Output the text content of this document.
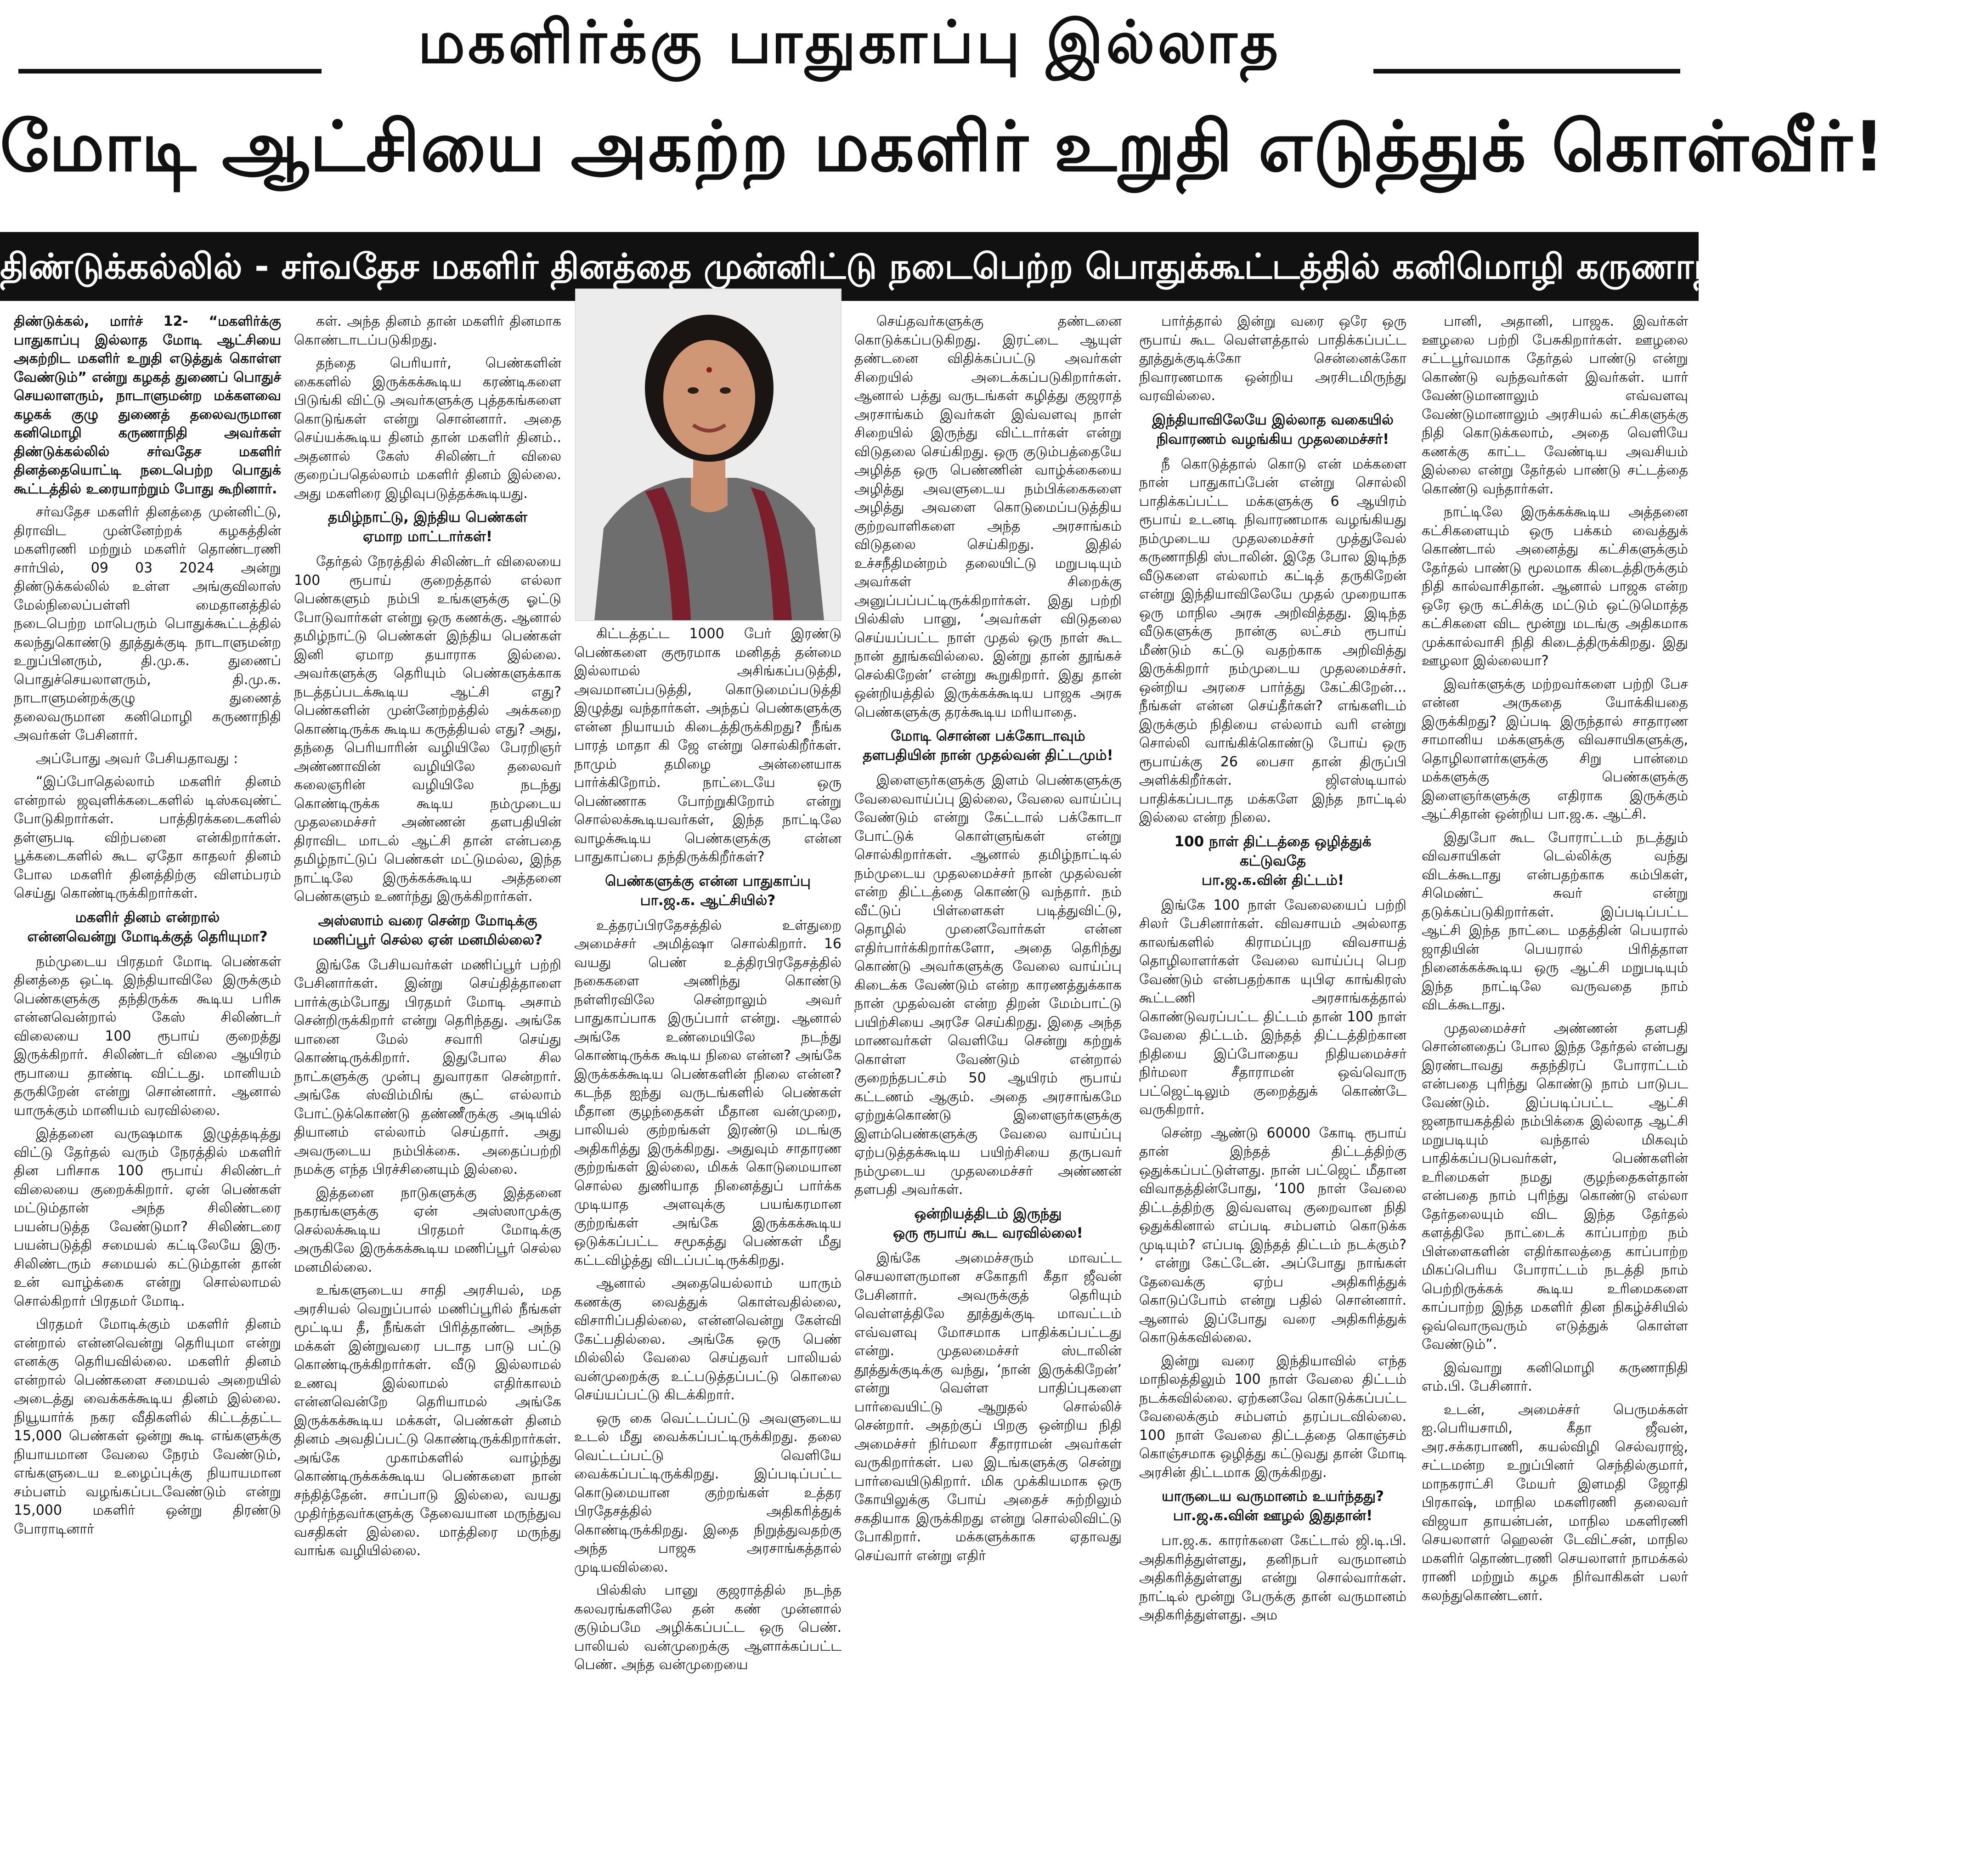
மகளிர்க்கு பாதுகாப்பு இல்லாத
மோடி ஆட்சியை அகற்ற மகளிர் உறுதி எடுத்துக் கொள்வீர்!
திண்டுக்கல்லில் - சர்வதேச மகளிர் தினத்தை முன்னிட்டு நடைபெற்ற பொதுக்கூட்டத்தில் கனிமொழி கருணாநிதி எம்.பி. உரை!

திண்டுக்கல், மார்ச் 12- “மகளிர்க்கு பாதுகாப்பு இல்லாத மோடி ஆட்சியை அகற்றிட மகளிர் உறுதி எடுத்துக் கொள்ள வேண்டும்” என்று கழகத் துணைப் பொதுச் செயலாளரும், நாடாளுமன்ற மக்களவை கழகக் குழு துணைத் தலைவருமான கனிமொழி கருணாநிதி அவர்கள் திண்டுக்கல்லில் சர்வதேச மகளிர் தினத்தையொட்டி நடைபெற்ற பொதுக் கூட்டத்தில் உரையாற்றும் போது கூறினார்.

சர்வதேச மகளிர் தினத்தை முன்னிட்டு, திராவிட முன்னேற்றக் கழகத்தின் மகளிரணி மற்றும் மகளிர் தொண்டரணி சார்பில், 09 03 2024 அன்று திண்டுக்கல்லில் உள்ள அங்குவிலாஸ் மேல்நிலைப்பள்ளி மைதானத்தில் நடைபெற்ற மாபெரும் பொதுக்கூட்டத்தில் கலந்துகொண்டு தூத்துக்குடி நாடாளுமன்ற உறுப்பினரும், தி.மு.க. துணைப் பொதுச்செயலாளரும், தி.மு.க. நாடாளுமன்றக்குழு துணைத் தலைவருமான கனிமொழி கருணாநிதி அவர்கள் பேசினார்.

அப்போது அவர் பேசியதாவது :

“இப்போதெல்லாம் மகளிர் தினம் என்றால் ஜவுளிக்கடைகளில் டிஸ்கவுண்ட் போடுகிறார்கள். பாத்திரக்கடைகளில் தள்ளுபடி விற்பனை என்கிறார்கள். பூக்கடைகளில் கூட ஏதோ காதலர் தினம் போல மகளிர் தினத்திற்கு விளம்பரம் செய்து கொண்டிருக்கிறார்கள்.

மகளிர் தினம் என்றால்
என்னவென்று மோடிக்குத் தெரியுமா?

நம்முடைய பிரதமர் மோடி பெண்கள் தினத்தை ஒட்டி இந்தியாவிலே இருக்கும் பெண்களுக்கு தந்திருக்க கூடிய பரிசு என்னவென்றால் கேஸ் சிலிண்டர் விலையை 100 ரூபாய் குறைத்து இருக்கிறார். சிலிண்டர் விலை ஆயிரம் ரூபாயை தாண்டி விட்டது. மானியம் தருகிறேன் என்று சொன்னார். ஆனால் யாருக்கும் மானியம் வரவில்லை.

இத்தனை வருஷமாக இழுத்தடித்து விட்டு தேர்தல் வரும் நேரத்தில் மகளிர் தின பரிசாக 100 ரூபாய் சிலிண்டர் விலையை குறைக்கிறார். ஏன் பெண்கள் மட்டும்தான் அந்த சிலிண்டரை பயன்படுத்த வேண்டுமா? சிலிண்டரை பயன்படுத்தி சமையல் கட்டிலேயே இரு. சிலிண்டரும் சமையல் கட்டும்தான் தான் உன் வாழ்க்கை என்று சொல்லாமல் சொல்கிறார் பிரதமர் மோடி.

பிரதமர் மோடிக்கும் மகளிர் தினம் என்றால் என்னவென்று தெரியுமா என்று எனக்கு தெரியவில்லை. மகளிர் தினம் என்றால் பெண்களை சமையல் அறையில் அடைத்து வைக்கக்கூடிய தினம் இல்லை. நியூயார்க் நகர வீதிகளில் கிட்டத்தட்ட 15,000 பெண்கள் ஒன்று கூடி எங்களுக்கு நியாயமான வேலை நேரம் வேண்டும், எங்களுடைய உழைப்புக்கு நியாயமான சம்பளம் வழங்கப்படவேண்டும் என்று 15,000 மகளிர் ஒன்று திரண்டு போராடினார்

கள். அந்த தினம் தான் மகளிர் தினமாக கொண்டாடப்படுகிறது.

தந்தை பெரியார், பெண்களின் கைகளில் இருக்கக்கூடிய கரண்டிகளை பிடுங்கி விட்டு அவர்களுக்கு புத்தகங்களை கொடுங்கள் என்று சொன்னார். அதை செய்யக்கூடிய தினம் தான் மகளிர் தினம்.. அதனால் கேஸ் சிலிண்டர் விலை குறைப்பதெல்லாம் மகளிர் தினம் இல்லை. அது மகளிரை இழிவுபடுத்தக்கூடியது.

தமிழ்நாட்டு, இந்திய பெண்கள்
ஏமாற மாட்டார்கள்!

தேர்தல் நேரத்தில் சிலிண்டர் விலையை 100 ரூபாய் குறைத்தால் எல்லா பெண்களும் நம்பி உங்களுக்கு ஓட்டு போடுவார்கள் என்று ஒரு கணக்கு. ஆனால் தமிழ்நாட்டு பெண்கள் இந்திய பெண்கள் இனி ஏமாற தயாராக இல்லை. அவர்களுக்கு தெரியும் பெண்களுக்காக நடத்தப்படக்கூடிய ஆட்சி எது? பெண்களின் முன்னேற்றத்தில் அக்கறை கொண்டிருக்க கூடிய கருத்தியல் எது? அது, தந்தை பெரியாரின் வழியிலே பேரறிஞர் அண்ணாவின் வழியிலே தலைவர் கலைஞரின் வழியிலே நடந்து கொண்டிருக்க கூடிய நம்முடைய முதலமைச்சர் அண்ணன் தளபதியின் திராவிட மாடல் ஆட்சி தான் என்பதை தமிழ்நாட்டுப் பெண்கள் மட்டுமல்ல, இந்த நாட்டிலே இருக்கக்கூடிய அத்தனை பெண்களும் உணர்ந்து இருக்கிறார்கள்.

அஸ்ஸாம் வரை சென்ற மோடிக்கு
மணிப்பூர் செல்ல ஏன் மனமில்லை?

இங்கே பேசியவர்கள் மணிப்பூர் பற்றி பேசினார்கள். இன்று செய்தித்தாளை பார்க்கும்போது பிரதமர் மோடி அசாம் சென்றிருக்கிறார் என்று தெரிந்தது. அங்கே யானை மேல் சவாரி செய்து கொண்டிருக்கிறார். இதுபோல சில நாட்களுக்கு முன்பு துவாரகா சென்றார். அங்கே ஸ்விம்மிங் சூட் எல்லாம் போட்டுக்கொண்டு தண்ணீருக்கு அடியில் தியானம் எல்லாம் செய்தார். அது அவருடைய நம்பிக்கை. அதைப்பற்றி நமக்கு எந்த பிரச்சினையும் இல்லை.

இத்தனை நாடுகளுக்கு இத்தனை நகரங்களுக்கு ஏன் அஸ்ஸாமுக்கு செல்லக்கூடிய பிரதமர் மோடிக்கு அருகிலே இருக்கக்கூடிய மணிப்பூர் செல்ல மனமில்லை.

உங்களுடைய சாதி அரசியல், மத அரசியல் வெறுப்பால் மணிப்பூரில் நீங்கள் மூட்டிய தீ, நீங்கள் பிரித்தாண்ட அந்த மக்கள் இன்றுவரை படாத பாடு பட்டு கொண்டிருக்கிறார்கள். வீடு இல்லாமல் உணவு இல்லாமல் எதிர்காலம் என்னவென்றே தெரியாமல் அங்கே இருக்கக்கூடிய மக்கள், பெண்கள் தினம் தினம் அவதிப்பட்டு கொண்டிருக்கிறார்கள். அங்கே முகாம்களில் வாழ்ந்து கொண்டிருக்கக்கூடிய பெண்களை நான் சந்தித்தேன். சாப்பாடு இல்லை, வயது முதிர்ந்தவர்களுக்கு தேவையான மருந்துவ வசதிகள் இல்லை. மாத்திரை மருந்து வாங்க வழியில்லை.

கிட்டத்தட்ட 1000 பேர் இரண்டு பெண்களை குரூரமாக மனிதத் தன்மை இல்லாமல் அசிங்கப்படுத்தி, அவமானப்படுத்தி, கொடுமைப்படுத்தி இழுத்து வந்தார்கள். அந்தப் பெண்களுக்கு என்ன நியாயம் கிடைத்திருக்கிறது? நீங்க பாரத் மாதா கி ஜே என்று சொல்கிறீர்கள். நாமும் தமிழை அன்னையாக பார்க்கிறோம். நாட்டையே ஒரு பெண்ணாக போற்றுகிறோம் என்று சொல்லக்கூடியவர்கள், இந்த நாட்டிலே வாழக்கூடிய பெண்களுக்கு என்ன பாதுகாப்பை தந்திருக்கிறீர்கள்?

பெண்களுக்கு என்ன பாதுகாப்பு
பா.ஜ.க. ஆட்சியில்?

உத்தரப்பிரதேசத்தில் உள்துறை அமைச்சர் அமித்ஷா சொல்கிறார். 16 வயது பெண் உத்திரபிரதேசத்தில் நகைகளை அணிந்து கொண்டு நள்ளிரவிலே சென்றாலும் அவர் பாதுகாப்பாக இருப்பார் என்று. ஆனால் அங்கே உண்மையிலே நடந்து கொண்டிருக்க கூடிய நிலை என்ன? அங்கே இருக்கக்கூடிய பெண்களின் நிலை என்ன? கடந்த ஐந்து வருடங்களில் பெண்கள் மீதான குழந்தைகள் மீதான வன்முறை, பாலியல் குற்றங்கள் இரண்டு மடங்கு அதிகரித்து இருக்கிறது. அதுவும் சாதாரண குற்றங்கள் இல்லை, மிகக் கொடுமையான சொல்ல துணியாத நினைத்துப் பார்க்க முடியாத அளவுக்கு பயங்கரமான குற்றங்கள் அங்கே இருக்கக்கூடிய ஒடுக்கப்பட்ட சமூகத்து பெண்கள் மீது கட்டவிழ்த்து விடப்பட்டிருக்கிறது.

ஆனால் அதையெல்லாம் யாரும் கணக்கு வைத்துக் கொள்வதில்லை, விசாரிப்பதில்லை, என்னவென்று கேள்வி கேட்பதில்லை. அங்கே ஒரு பெண் மில்லில் வேலை செய்தவர் பாலியல் வன்முறைக்கு உட்படுத்தப்பட்டு கொலை செய்யப்பட்டு கிடக்கிறார்.

ஒரு கை வெட்டப்பட்டு அவளுடைய உடல் மீது வைக்கப்பட்டிருக்கிறது. தலை வெட்டப்பட்டு வெளியே வைக்கப்பட்டிருக்கிறது. இப்படிப்பட்ட கொடுமையான குற்றங்கள் உத்தர பிரதேசத்தில் அதிகரித்துக் கொண்டிருக்கிறது. இதை நிறுத்துவதற்கு அந்த பாஜக அரசாங்கத்தால் முடியவில்லை.

பில்கிஸ் பானு குஜராத்தில் நடந்த கலவரங்களிலே தன் கண் முன்னால் குடும்பமே அழிக்கப்பட்ட ஒரு பெண். பாலியல் வன்முறைக்கு ஆளாக்கப்பட்ட பெண். அந்த வன்முறையை

செய்தவர்களுக்கு தண்டனை கொடுக்கப்படுகிறது. இரட்டை ஆயுள் தண்டனை விதிக்கப்பட்டு அவர்கள் சிறையில் அடைக்கப்படுகிறார்கள். ஆனால் பத்து வருடங்கள் கழித்து குஜராத் அரசாங்கம் இவர்கள் இவ்வளவு நாள் சிறையில் இருந்து விட்டார்கள் என்று விடுதலை செய்கிறது. ஒரு குடும்பத்தையே அழித்த ஒரு பெண்ணின் வாழ்க்கையை அழித்து அவளுடைய நம்பிக்கைகளை அழித்து அவளை கொடுமைப்படுத்திய குற்றவாளிகளை அந்த அரசாங்கம் விடுதலை செய்கிறது. இதில் உச்சநீதிமன்றம் தலையிட்டு மறுபடியும் அவர்கள் சிறைக்கு அனுப்பப்பட்டிருக்கிறார்கள். இது பற்றி பில்கிஸ் பானு, ‘அவர்கள் விடுதலை செய்யப்பட்ட நாள் முதல் ஒரு நாள் கூட நான் தூங்கவில்லை. இன்று தான் தூங்கச் செல்கிறேன்’ என்று கூறுகிறார். இது தான் ஒன்றியத்தில் இருக்கக்கூடிய பாஜக அரசு பெண்களுக்கு தரக்கூடிய மரியாதை.

மோடி சொன்ன பக்கோடாவும்
தளபதியின் நான் முதல்வன் திட்டமும்!

இளைஞர்களுக்கு இளம் பெண்களுக்கு வேலைவாய்ப்பு இல்லை, வேலை வாய்ப்பு வேண்டும் என்று கேட்டால் பக்கோடா போட்டுக் கொள்ளுங்கள் என்று சொல்கிறார்கள். ஆனால் தமிழ்நாட்டில் நம்முடைய முதலமைச்சர் நான் முதல்வன் என்ற திட்டத்தை கொண்டு வந்தார். நம் வீட்டுப் பிள்ளைகள் படித்துவிட்டு, தொழில் முனைவோர்கள் என்ன எதிர்பார்க்கிறார்களோ, அதை தெரிந்து கொண்டு அவர்களுக்கு வேலை வாய்ப்பு கிடைக்க வேண்டும் என்ற காரணத்துக்காக நான் முதல்வன் என்ற திறன் மேம்பாட்டு பயிற்சியை அரசே செய்கிறது. இதை அந்த மாணவர்கள் வெளியே சென்று கற்றுக் கொள்ள வேண்டும் என்றால் குறைந்தபட்சம் 50 ஆயிரம் ரூபாய் கட்டணம் ஆகும். அதை அரசாங்கமே ஏற்றுக்கொண்டு இளைஞர்களுக்கு இளம்பெண்களுக்கு வேலை வாய்ப்பு ஏற்படுத்தக்கூடிய பயிற்சியை தருபவர் நம்முடைய முதலமைச்சர் அண்ணன் தளபதி அவர்கள்.

ஒன்றியத்திடம் இருந்து
ஒரு ரூபாய் கூட வரவில்லை!

இங்கே அமைச்சரும் மாவட்ட செயலாளருமான சகோதரி கீதா ஜீவன் பேசினார். அவருக்குத் தெரியும் வெள்ளத்திலே தூத்துக்குடி மாவட்டம் எவ்வளவு மோசமாக பாதிக்கப்பட்டது என்று. முதலமைச்சர் ஸ்டாலின் தூத்துக்குடிக்கு வந்து, ‘நான் இருக்கிறேன்’ என்று வெள்ள பாதிப்புகளை பார்வையிட்டு ஆறுதல் சொல்லிச் சென்றார். அதற்குப் பிறகு ஒன்றிய நிதி அமைச்சர் நிர்மலா சீதாராமன் அவர்கள் வருகிறார்கள். பல இடங்களுக்கு சென்று பார்வையிடுகிறார். மிக முக்கியமாக ஒரு கோயிலுக்கு போய் அதைச் சுற்றிலும் சகதியாக இருக்கிறது என்று சொல்லிவிட்டு போகிறார். மக்களுக்காக ஏதாவது செய்வார் என்று எதிர்

பார்த்தால் இன்று வரை ஒரே ஒரு ரூபாய் கூட வெள்ளத்தால் பாதிக்கப்பட்ட தூத்துக்குடிக்கோ சென்னைக்கோ நிவாரணமாக ஒன்றிய அரசிடமிருந்து வரவில்லை.

இந்தியாவிலேயே இல்லாத வகையில்
நிவாரணம் வழங்கிய முதலமைச்சர்!

நீ கொடுத்தால் கொடு என் மக்களை நான் பாதுகாப்பேன் என்று சொல்லி பாதிக்கப்பட்ட மக்களுக்கு 6 ஆயிரம் ரூபாய் உடனடி நிவாரணமாக வழங்கியது நம்முடைய முதலமைச்சர் முத்துவேல் கருணாநிதி ஸ்டாலின். இதே போல இடிந்த வீடுகளை எல்லாம் கட்டித் தருகிறேன் என்று இந்தியாவிலேயே முதல் முறையாக ஒரு மாநில அரசு அறிவித்தது. இடிந்த வீடுகளுக்கு நான்கு லட்சம் ரூபாய் மீண்டும் கட்டு வதற்காக அறிவித்து இருக்கிறார் நம்முடைய முதலமைச்சர். ஒன்றிய அரசை பார்த்து கேட்கிறேன்... நீங்கள் என்ன செய்தீர்கள்? எங்களிடம் இருக்கும் நிதியை எல்லாம் வரி என்று சொல்லி வாங்கிக்கொண்டு போய் ஒரு ரூபாய்க்கு 26 பைசா தான் திருப்பி அளிக்கிறீர்கள். ஜிஎஸ்டியால் பாதிக்கப்படாத மக்களே இந்த நாட்டில் இல்லை என்ற நிலை.

100 நாள் திட்டத்தை ஒழித்துக் கட்டுவதே
பா.ஜ.க.வின் திட்டம்!

இங்கே 100 நாள் வேலையைப் பற்றி சிலர் பேசினார்கள். விவசாயம் அல்லாத காலங்களில் கிராமப்புற விவசாயத் தொழிலாளர்கள் வேலை வாய்ப்பு பெற வேண்டும் என்பதற்காக யுபிஏ காங்கிரஸ் கூட்டணி அரசாங்கத்தால் கொண்டுவரப்பட்ட திட்டம் தான் 100 நாள் வேலை திட்டம். இந்தத் திட்டத்திற்கான நிதியை இப்போதைய நிதியமைச்சர் நிர்மலா சீதாராமன் ஒவ்வொரு பட்ஜெட்டிலும் குறைத்துக் கொண்டே வருகிறார்.

சென்ற ஆண்டு 60000 கோடி ரூபாய் தான் இந்தத் திட்டத்திற்கு ஒதுக்கப்பட்டுள்ளது. நான் பட்ஜெட் மீதான விவாதத்தின்போது, ‘100 நாள் வேலை திட்டத்திற்கு இவ்வளவு குறைவான நிதி ஒதுக்கினால் எப்படி சம்பளம் கொடுக்க முடியும்? எப்படி இந்தத் திட்டம் நடக்கும்? ’ என்று கேட்டேன். அப்போது நாங்கள் தேவைக்கு ஏற்ப அதிகரித்துக் கொடுப்போம் என்று பதில் சொன்னார். ஆனால் இப்போது வரை அதிகரித்துக் கொடுக்கவில்லை.

இன்று வரை இந்தியாவில் எந்த மாநிலத்திலும் 100 நாள் வேலை திட்டம் நடக்கவில்லை. ஏற்கனவே கொடுக்கப்பட்ட வேலைக்கும் சம்பளம் தரப்படவில்லை. 100 நாள் வேலை திட்டத்தை கொஞ்சம் கொஞ்சமாக ஒழித்து கட்டுவது தான் மோடி அரசின் திட்டமாக இருக்கிறது.

யாருடைய வருமானம் உயர்ந்தது?
பா.ஜ.க.வின் ஊழல் இதுதான்!

பா.ஜ.க. காரர்களை கேட்டால் ஜி.டி.பி. அதிகரித்துள்ளது, தனிநபர் வருமானம் அதிகரித்துள்ளது என்று சொல்வார்கள். நாட்டில் மூன்று பேருக்கு தான் வருமானம் அதிகரித்துள்ளது. அம

பானி, அதானி, பாஜக. இவர்கள் ஊழலை பற்றி பேசுகிறார்கள். ஊழலை சட்டபூர்வமாக தேர்தல் பாண்டு என்று கொண்டு வந்தவர்கள் இவர்கள். யார் வேண்டுமானாலும் எவ்வளவு வேண்டுமானாலும் அரசியல் கட்சிகளுக்கு நிதி கொடுக்கலாம், அதை வெளியே கணக்கு காட்ட வேண்டிய அவசியம் இல்லை என்று தேர்தல் பாண்டு சட்டத்தை கொண்டு வந்தார்கள்.

நாட்டிலே இருக்கக்கூடிய அத்தனை கட்சிகளையும் ஒரு பக்கம் வைத்துக் கொண்டால் அனைத்து கட்சிகளுக்கும் தேர்தல் பாண்டு மூலமாக கிடைத்திருக்கும் நிதி கால்வாசிதான். ஆனால் பாஜக என்ற ஒரே ஒரு கட்சிக்கு மட்டும் ஒட்டுமொத்த கட்சிகளை விட மூன்று மடங்கு அதிகமாக முக்கால்வாசி நிதி கிடைத்திருக்கிறது. இது ஊழலா இல்லையா?

இவர்களுக்கு மற்றவர்களை பற்றி பேச என்ன அருகதை யோக்கியதை இருக்கிறது? இப்படி இருந்தால் சாதாரண சாமானிய மக்களுக்கு விவசாயிகளுக்கு, தொழிலாளர்களுக்கு சிறு பான்மை மக்களுக்கு பெண்களுக்கு இளைஞர்களுக்கு எதிராக இருக்கும் ஆட்சிதான் ஒன்றிய பா.ஜ.க. ஆட்சி.

இதுபோ கூட போராட்டம் நடத்தும் விவசாயிகள் டெல்லிக்கு வந்து விடக்கூடாது என்பதற்காக கம்பிகள், சிமெண்ட் சுவர் என்று தடுக்கப்படுகிறார்கள். இப்படிப்பட்ட ஆட்சி இந்த நாட்டை மதத்தின் பெயரால் ஜாதியின் பெயரால் பிரித்தாள நினைக்கக்கூடிய ஒரு ஆட்சி மறுபடியும் இந்த நாட்டிலே வருவதை நாம் விடக்கூடாது.

முதலமைச்சர் அண்ணன் தளபதி சொன்னதைப் போல இந்த தேர்தல் என்பது இரண்டாவது சுதந்திரப் போராட்டம் என்பதை புரிந்து கொண்டு நாம் பாடுபட வேண்டும். இப்படிப்பட்ட ஆட்சி ஜனநாயகத்தில் நம்பிக்கை இல்லாத ஆட்சி மறுபடியும் வந்தால் மிகவும் பாதிக்கப்படுபவர்கள், பெண்களின் உரிமைகள் நமது குழந்தைகள்தான் என்பதை நாம் புரிந்து கொண்டு எல்லா தேர்தலையும் விட இந்த தேர்தல் களத்திலே நாட்டைக் காப்பாற்ற நம் பிள்ளைகளின் எதிர்காலத்தை காப்பாற்ற மிகப்பெரிய போராட்டம் நடத்தி நாம் பெற்றிருக்கக் கூடிய உரிமைகளை காப்பாற்ற இந்த மகளிர் தின நிகழ்ச்சியில் ஒவ்வொருவரும் எடுத்துக் கொள்ள வேண்டும்”.

இவ்வாறு கனிமொழி கருணாநிதி எம்.பி. பேசினார்.

உடன், அமைச்சர் பெருமக்கள் ஐ.பெரியசாமி, கீதா ஜீவன், அர.சக்கரபாணி, கயல்விழி செல்வராஜ், சட்டமன்ற உறுப்பினர் செந்தில்குமார், மாநகராட்சி மேயர் இளமதி ஜோதி பிரகாஷ், மாநில மகளிரணி தலைவர் விஜயா தாயன்பன், மாநில மகளிரணி செயலாளர் ஹெலன் டேவிட்சன், மாநில மகளிர் தொண்டரணி செயலாளர் நாமக்கல் ராணி மற்றும் கழக நிர்வாகிகள் பலர் கலந்துகொண்டனர்.
